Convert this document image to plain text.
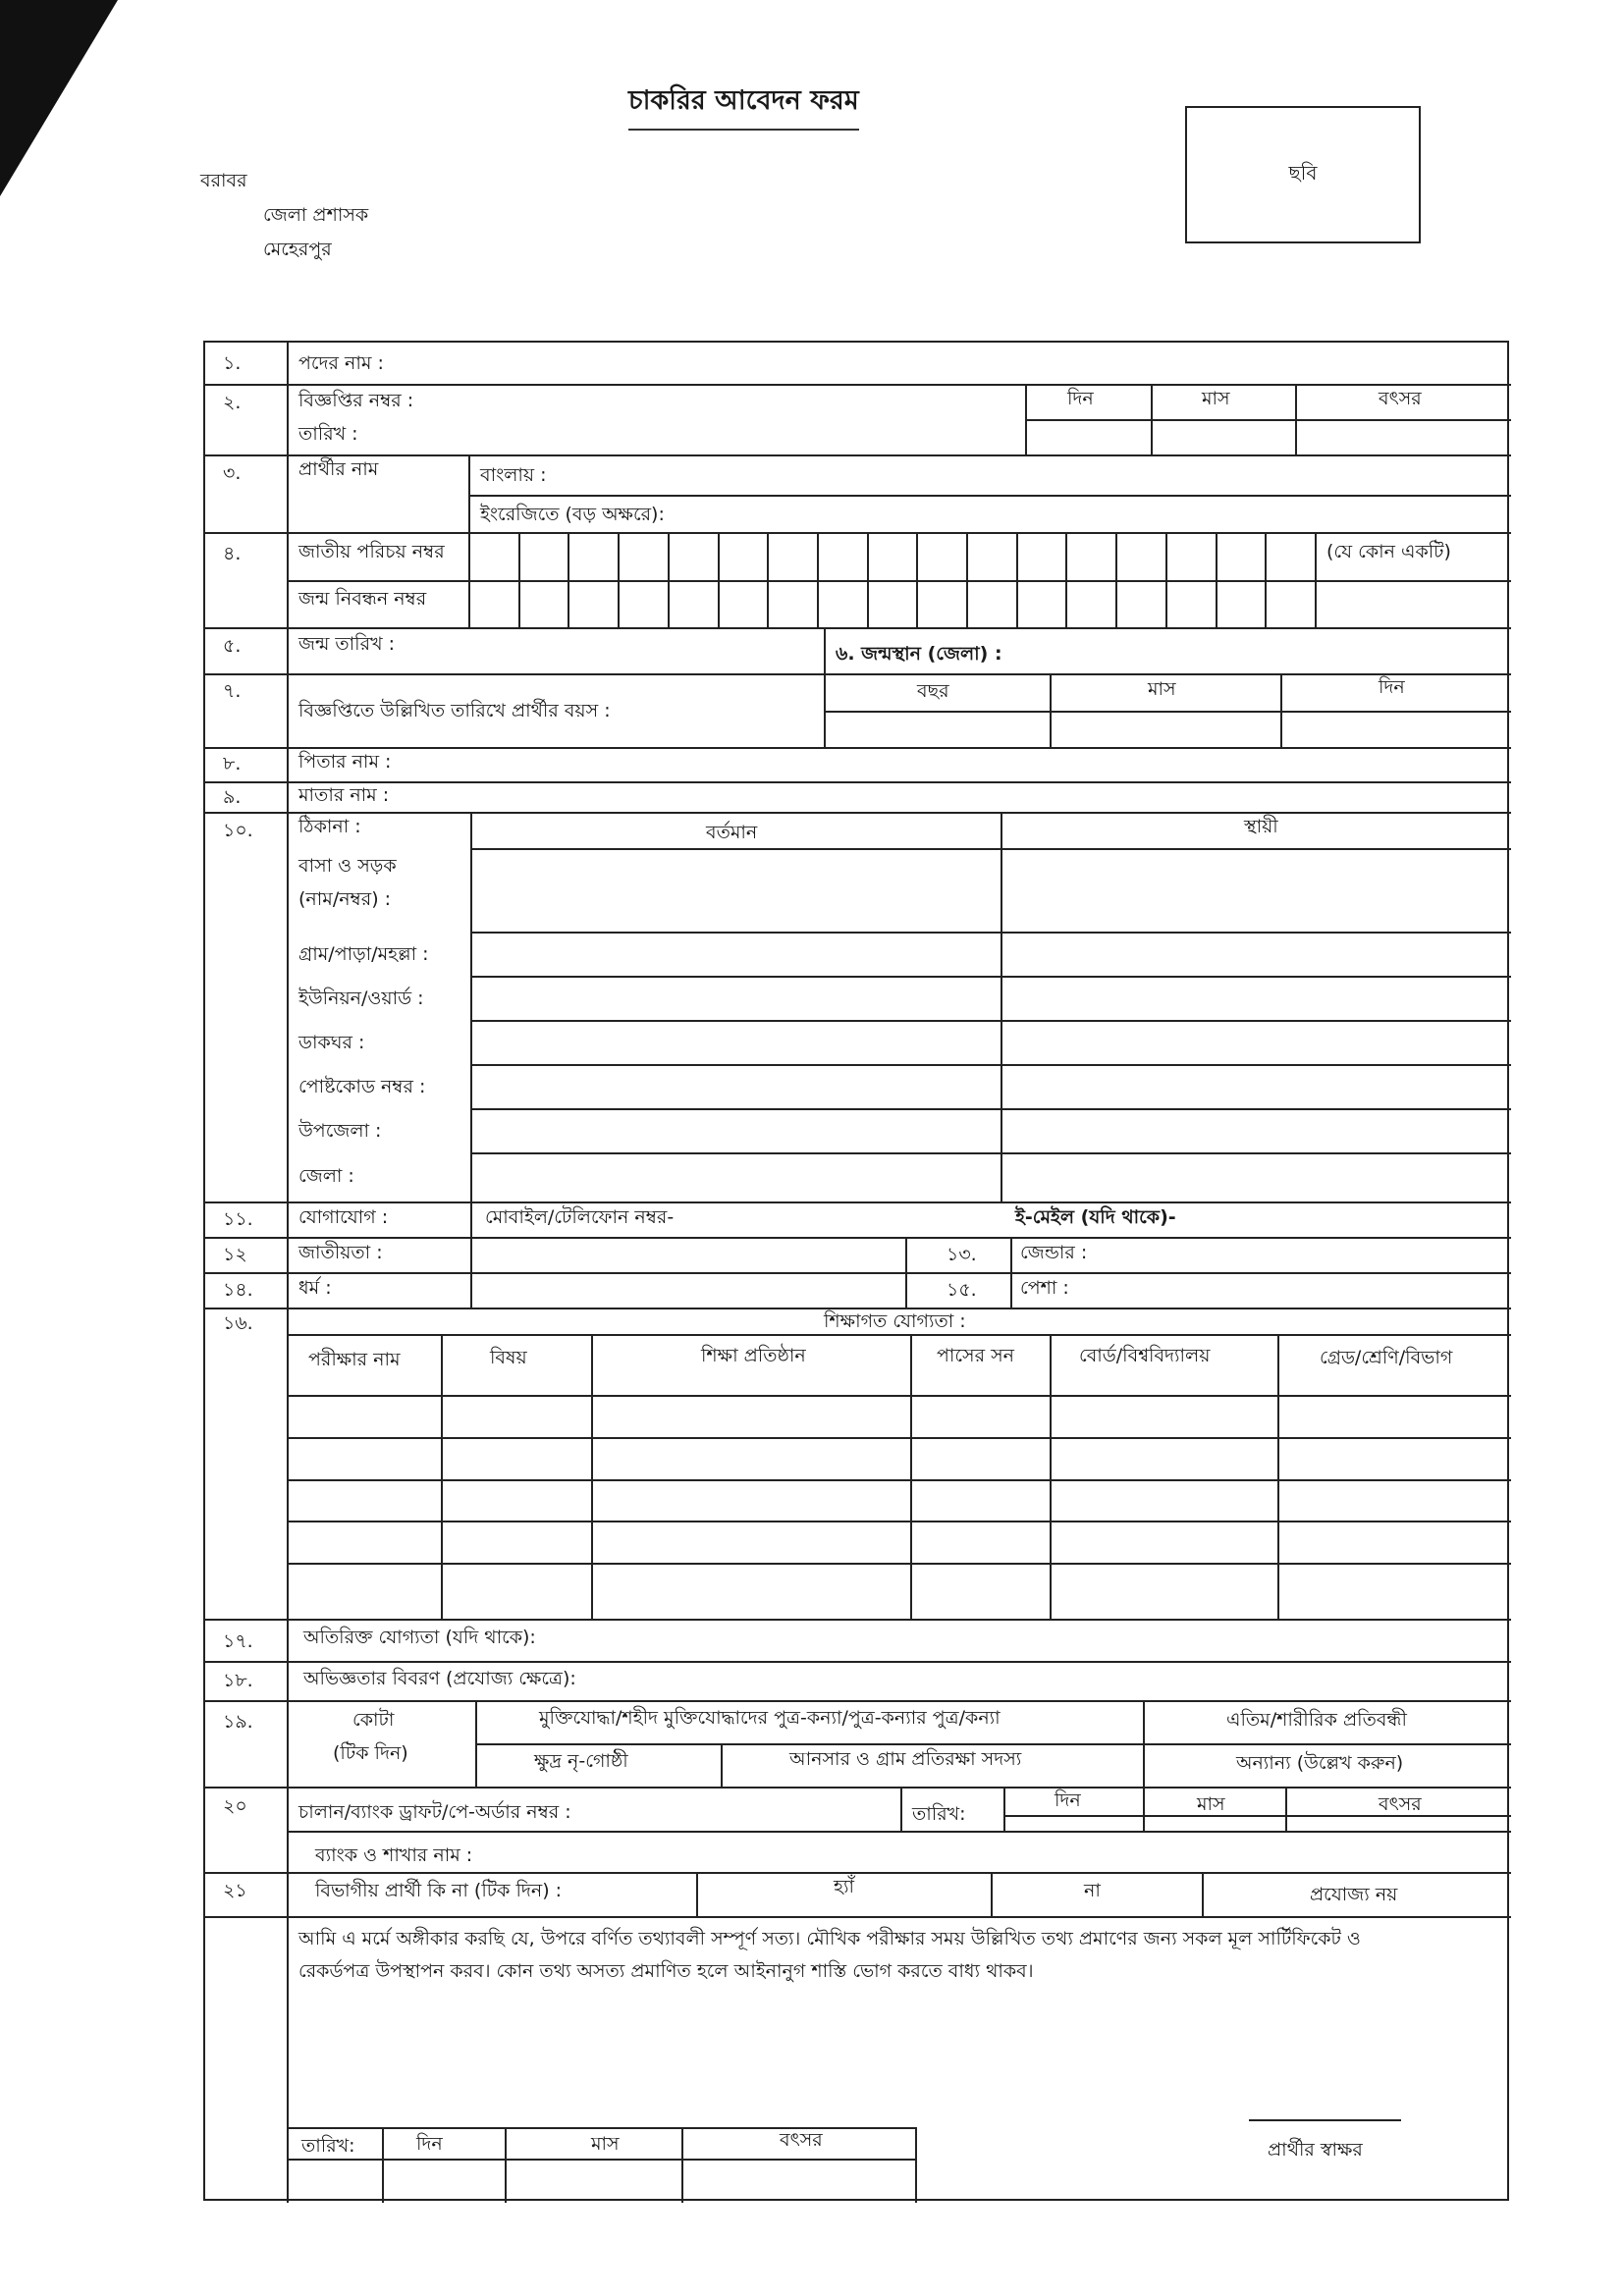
চাকরির আবেদন ফরম
ছবি
বরাবর
জেলা প্রশাসক
মেহেরপুর
১.	পদের নাম :
২.	বিজ্ঞপ্তির নম্বর :
তারিখ :
দিন	মাস	বৎসর
৩.	প্রার্থীর নাম	বাংলায় :
ইংরেজিতে (বড় অক্ষরে):
৪.	জাতীয় পরিচয় নম্বর
জন্ম নিবন্ধন নম্বর
(যে কোন একটি)
৫.	জন্ম তারিখ :	৬. জন্মস্থান (জেলা) :
৭.
বিজ্ঞপ্তিতে উল্লিখিত তারিখে প্রার্থীর বয়স :
বছর	মাস	দিন
৮.	পিতার নাম :
৯.	মাতার নাম :
১০. ঠিকানা :	বর্তমান	স্থায়ী
বাসা ও সড়ক
(নাম/নম্বর) :
গ্রাম/পাড়া/মহল্লা :
ইউনিয়ন/ওয়ার্ড :
ডাকঘর :
পোষ্টকোড নম্বর :
উপজেলা :
জেলা :
১১. যোগাযোগ :	মোবাইল/টেলিফোন নম্বর-	ই-মেইল (যদি থাকে)-
১২	জাতীয়তা :	১৩. জেন্ডার :
১৪. ধর্ম :	১৫. পেশা :
১৬.	শিক্ষাগত যোগ্যতা :
পরীক্ষার নাম	বিষয়	শিক্ষা প্রতিষ্ঠান	পাসের সন	বোর্ড/বিশ্ববিদ্যালয়	গ্রেড/শ্রেণি/বিভাগ
১৭.	অতিরিক্ত যোগ্যতা (যদি থাকে):
১৮.	অভিজ্ঞতার বিবরণ (প্রযোজ্য ক্ষেত্রে):
১৯.	কোটা
(টিক দিন)
মুক্তিযোদ্ধা/শহীদ মুক্তিযোদ্ধাদের পুত্র-কন্যা/পুত্র-কন্যার পুত্র/কন্যা	এতিম/শারীরিক প্রতিবন্ধী
ক্ষুদ্র নৃ-গোষ্ঠী	আনসার ও গ্রাম প্রতিরক্ষা সদস্য	অন্যান্য (উল্লেখ করুন)
২০	চালান/ব্যাংক ড্রাফট/পে-অর্ডার নম্বর :	তারিখ:
দিন	মাস	বৎসর
ব্যাংক ও শাখার নাম :
২১	বিভাগীয় প্রার্থী কি না (টিক দিন) :	হ্যাঁ	না	প্রযোজ্য নয়
আমি এ মর্মে অঙ্গীকার করছি যে, উপরে বর্ণিত তথ্যাবলী সম্পূর্ণ সত্য। মৌখিক পরীক্ষার সময় উল্লিখিত তথ্য প্রমাণের জন্য সকল মূল সার্টিফিকেট ও
রেকর্ডপত্র উপস্থাপন করব। কোন তথ্য অসত্য প্রমাণিত হলে আইনানুগ শাস্তি ভোগ করতে বাধ্য থাকব।
তারিখ:	দিন	মাস	বৎসর	প্রার্থীর স্বাক্ষর
